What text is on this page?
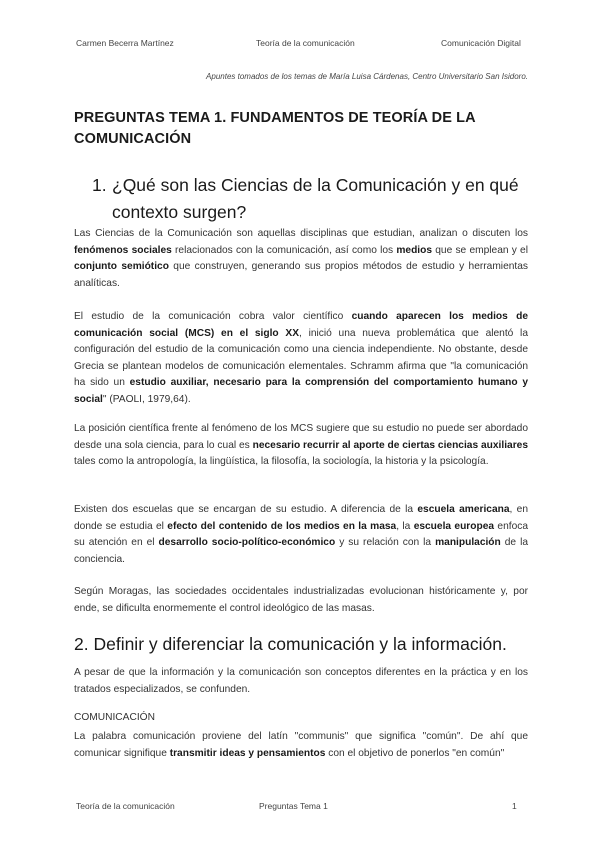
Carmen Becerra Martínez	Teoría de la comunicación	Comunicación Digital
Apuntes tomados de los temas de María Luisa Cárdenas, Centro Universitario San Isidoro.
PREGUNTAS TEMA 1. FUNDAMENTOS DE TEORÍA DE LA COMUNICACIÓN
1. ¿Qué son las Ciencias de la Comunicación y en qué
contexto surgen?
Las Ciencias de la Comunicación son aquellas disciplinas que estudian, analizan o discuten los fenómenos sociales relacionados con la comunicación, así como los medios que se emplean y el conjunto semiótico que construyen, generando sus propios métodos de estudio y herramientas analíticas.
El estudio de la comunicación cobra valor científico cuando aparecen los medios de comunicación social (MCS) en el siglo XX, inició una nueva problemática que alentó la configuración del estudio de la comunicación como una ciencia independiente. No obstante, desde Grecia se plantean modelos de comunicación elementales. Schramm afirma que "la comunicación ha sido un estudio auxiliar, necesario para la comprensión del comportamiento humano y social" (PAOLI, 1979,64).
La posición científica frente al fenómeno de los MCS sugiere que su estudio no puede ser abordado desde una sola ciencia, para lo cual es necesario recurrir al aporte de ciertas ciencias auxiliares tales como la antropología, la lingüística, la filosofía, la sociología, la historia y la psicología.
Existen dos escuelas que se encargan de su estudio. A diferencia de la escuela americana, en donde se estudia el efecto del contenido de los medios en la masa, la escuela europea enfoca su atención en el desarrollo socio-político-económico y su relación con la manipulación de la conciencia.
Según Moragas, las sociedades occidentales industrializadas evolucionan históricamente y, por ende, se dificulta enormemente el control ideológico de las masas.
2. Definir y diferenciar la comunicación y la información.
A pesar de que la información y la comunicación son conceptos diferentes en la práctica y en los tratados especializados, se confunden.
COMUNICACIÓN
La palabra comunicación proviene del latín "communis" que significa "común". De ahí que comunicar signifique transmitir ideas y pensamientos con el objetivo de ponerlos "en común"
Teoría de la comunicación	Preguntas Tema 1	1
